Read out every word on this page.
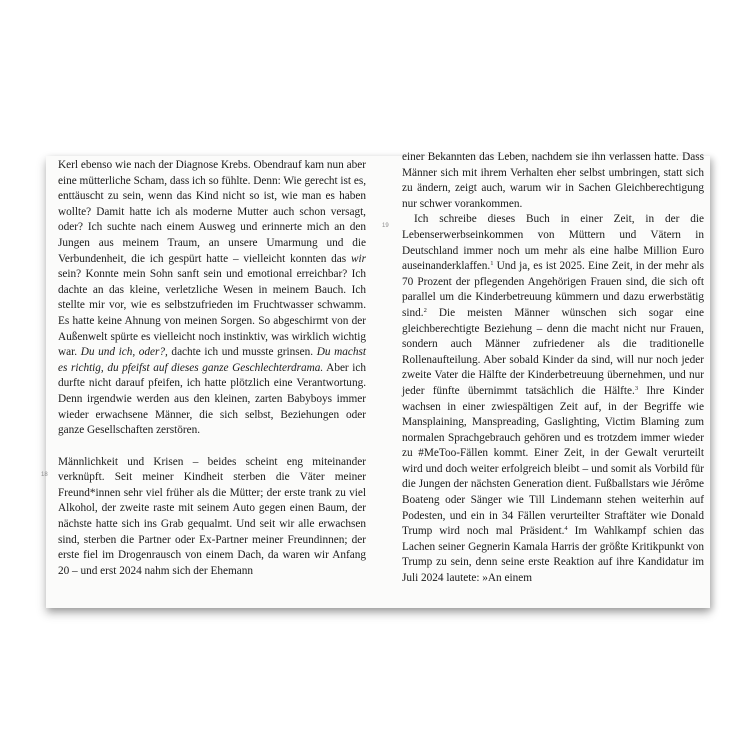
Kerl ebenso wie nach der Diagnose Krebs. Obendrauf kam nun aber eine mütterliche Scham, dass ich so fühlte. Denn: Wie gerecht ist es, enttäuscht zu sein, wenn das Kind nicht so ist, wie man es haben wollte? Damit hatte ich als moderne Mutter auch schon versagt, oder? Ich suchte nach einem Ausweg und erinnerte mich an den Jungen aus meinem Traum, an unsere Umarmung und die Verbundenheit, die ich gespürt hatte – vielleicht konnten das wir sein? Konnte mein Sohn sanft sein und emotional erreichbar? Ich dachte an das kleine, verletzliche Wesen in meinem Bauch. Ich stellte mir vor, wie es selbstzufrieden im Fruchtwasser schwamm. Es hatte keine Ahnung von meinen Sorgen. So abgeschirmt von der Außenwelt spürte es vielleicht noch instinktiv, was wirklich wichtig war. Du und ich, oder?, dachte ich und musste grinsen. Du machst es richtig, du pfeifst auf dieses ganze Geschlechterdrama. Aber ich durfte nicht darauf pfeifen, ich hatte plötzlich eine Verantwortung. Denn irgendwie werden aus den kleinen, zarten Babyboys immer wieder erwachsene Männer, die sich selbst, Beziehungen oder ganze Gesellschaften zerstören.

Männlichkeit und Krisen – beides scheint eng miteinander verknüpft. Seit meiner Kindheit sterben die Väter meiner Freund*innen sehr viel früher als die Mütter; der erste trank zu viel Alkohol, der zweite raste mit seinem Auto gegen einen Baum, der nächste hatte sich ins Grab gequalmt. Und seit wir alle erwachsen sind, sterben die Partner oder Ex-Partner meiner Freundinnen; der erste fiel im Drogenrausch von einem Dach, da waren wir Anfang 20 – und erst 2024 nahm sich der Ehemann

18

einer Bekannten das Leben, nachdem sie ihn verlassen hatte. Dass Männer sich mit ihrem Verhalten eher selbst umbringen, statt sich zu ändern, zeigt auch, warum wir in Sachen Gleichberechtigung nur schwer vorankommen.

Ich schreibe dieses Buch in einer Zeit, in der die Lebenserwerbseinkommen von Müttern und Vätern in Deutschland immer noch um mehr als eine halbe Million Euro auseinanderklaffen.$^1$ Und ja, es ist 2025. Eine Zeit, in der mehr als 70 Prozent der pflegenden Angehörigen Frauen sind, die sich oft parallel um die Kinderbetreuung kümmern und dazu erwerbstätig sind.$^2$ Die meisten Männer wünschen sich sogar eine gleichberechtigte Beziehung – denn die macht nicht nur Frauen, sondern auch Männer zufriedener als die traditionelle Rollenaufteilung. Aber sobald Kinder da sind, will nur noch jeder zweite Vater die Hälfte der Kinderbetreuung übernehmen, und nur jeder fünfte übernimmt tatsächlich die Hälfte.$^3$ Ihre Kinder wachsen in einer zwiespältigen Zeit auf, in der Begriffe wie Mansplaining, Manspreading, Gaslighting, Victim Blaming zum normalen Sprachgebrauch gehören und es trotzdem immer wieder zu #MeToo-Fällen kommt. Einer Zeit, in der Gewalt verurteilt wird und doch weiter erfolgreich bleibt – und somit als Vorbild für die Jungen der nächsten Generation dient. Fußballstars wie Jérôme Boateng oder Sänger wie Till Lindemann stehen weiterhin auf Podesten, und ein in 34 Fällen verurteilter Straftäter wie Donald Trump wird noch mal Präsident.$^4$ Im Wahlkampf schien das Lachen seiner Gegnerin Kamala Harris der größte Kritikpunkt von Trump zu sein, denn seine erste Reaktion auf ihre Kandidatur im Juli 2024 lautete: »An einem

19
